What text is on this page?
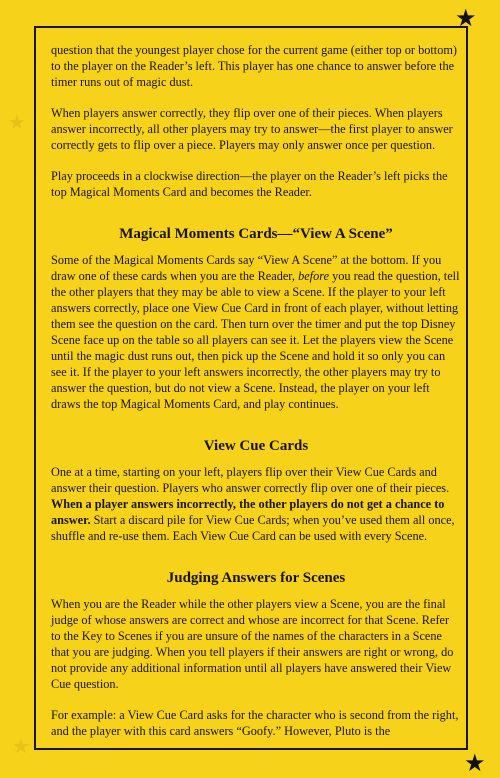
★
★
★
★

question that the youngest player chose for the current game (either top or bottom) to the player on the Reader’s left. This player has one chance to answer before the timer runs out of magic dust.

When players answer correctly, they flip over one of their pieces. When players answer incorrectly, all other players may try to answer—the first player to answer correctly gets to flip over a piece. Players may only answer once per question.

Play proceeds in a clockwise direction—the player on the Reader’s left picks the top Magical Moments Card and becomes the Reader.

Magical Moments Cards—“View A Scene”

Some of the Magical Moments Cards say “View A Scene” at the bottom. If you draw one of these cards when you are the Reader, before you read the question, tell the other players that they may be able to view a Scene. If the player to your left answers correctly, place one View Cue Card in front of each player, without letting them see the question on the card. Then turn over the timer and put the top Disney Scene face up on the table so all players can see it. Let the players view the Scene until the magic dust runs out, then pick up the Scene and hold it so only you can see it. If the player to your left answers incorrectly, the other players may try to answer the question, but do not view a Scene. Instead, the player on your left draws the top Magical Moments Card, and play continues.

View Cue Cards

One at a time, starting on your left, players flip over their View Cue Cards and answer their question. Players who answer correctly flip over one of their pieces. When a player answers incorrectly, the other players do not get a chance to answer. Start a discard pile for View Cue Cards; when you’ve used them all once, shuffle and re-use them. Each View Cue Card can be used with every Scene.

Judging Answers for Scenes

When you are the Reader while the other players view a Scene, you are the final judge of whose answers are correct and whose are incorrect for that Scene. Refer to the Key to Scenes if you are unsure of the names of the characters in a Scene that you are judging. When you tell players if their answers are right or wrong, do not provide any additional information until all players have answered their View Cue question.

For example: a View Cue Card asks for the character who is second from the right, and the player with this card answers “Goofy.” However, Pluto is the
